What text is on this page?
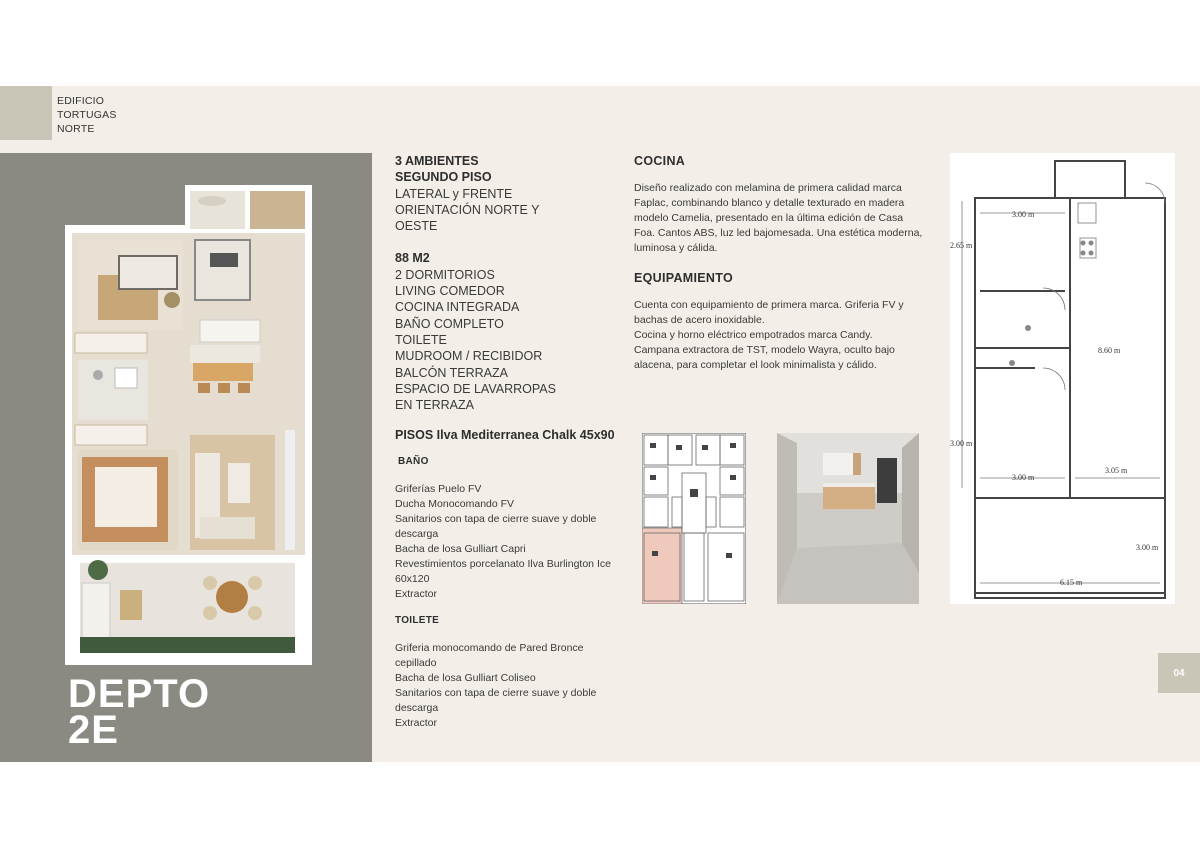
EDIFICIO
TORTUGAS
NORTE
DEPTO
2E
3 AMBIENTES
SEGUNDO PISO
LATERAL y FRENTE
ORIENTACIÓN NORTE Y
OESTE
88 M2
2 DORMITORIOS
LIVING COMEDOR
COCINA INTEGRADA
BAÑO COMPLETO
TOILETE
MUDROOM / RECIBIDOR
BALCÓN TERRAZA
ESPACIO DE LAVARROPAS
EN TERRAZA
PISOS Ilva Mediterranea Chalk 45x90
BAÑO
Griferías Puelo FV
Ducha Monocomando FV
Sanitarios con tapa de cierre suave y doble
descarga
Bacha de losa Gulliart Capri
Revestimientos porcelanato Ilva Burlington Ice
60x120
Extractor
TOILETE
Griferia monocomando de Pared Bronce cepillado
Bacha de losa Gulliart Coliseo
Sanitarios con tapa de cierre suave y doble
descarga
Extractor
COCINA
Diseño realizado con melamina de primera calidad marca Faplac, combinando blanco y detalle texturado en madera modelo Camelia, presentado en la última edición de Casa Foa. Cantos ABS, luz led bajomesada. Una estética moderna, luminosa y cálida.
EQUIPAMIENTO
Cuenta con equipamiento de primera marca. Griferia FV y bachas de acero inoxidable.
Cocina y horno eléctrico empotrados marca Candy.
Campana extractora de TST, modelo Wayra, oculto bajo alacena, para completar el look minimalista y cálido.
3.00 m
2.65 m
8.60 m
3.00 m
3.00 m
3.05 m
3.00 m
6.15 m
04
